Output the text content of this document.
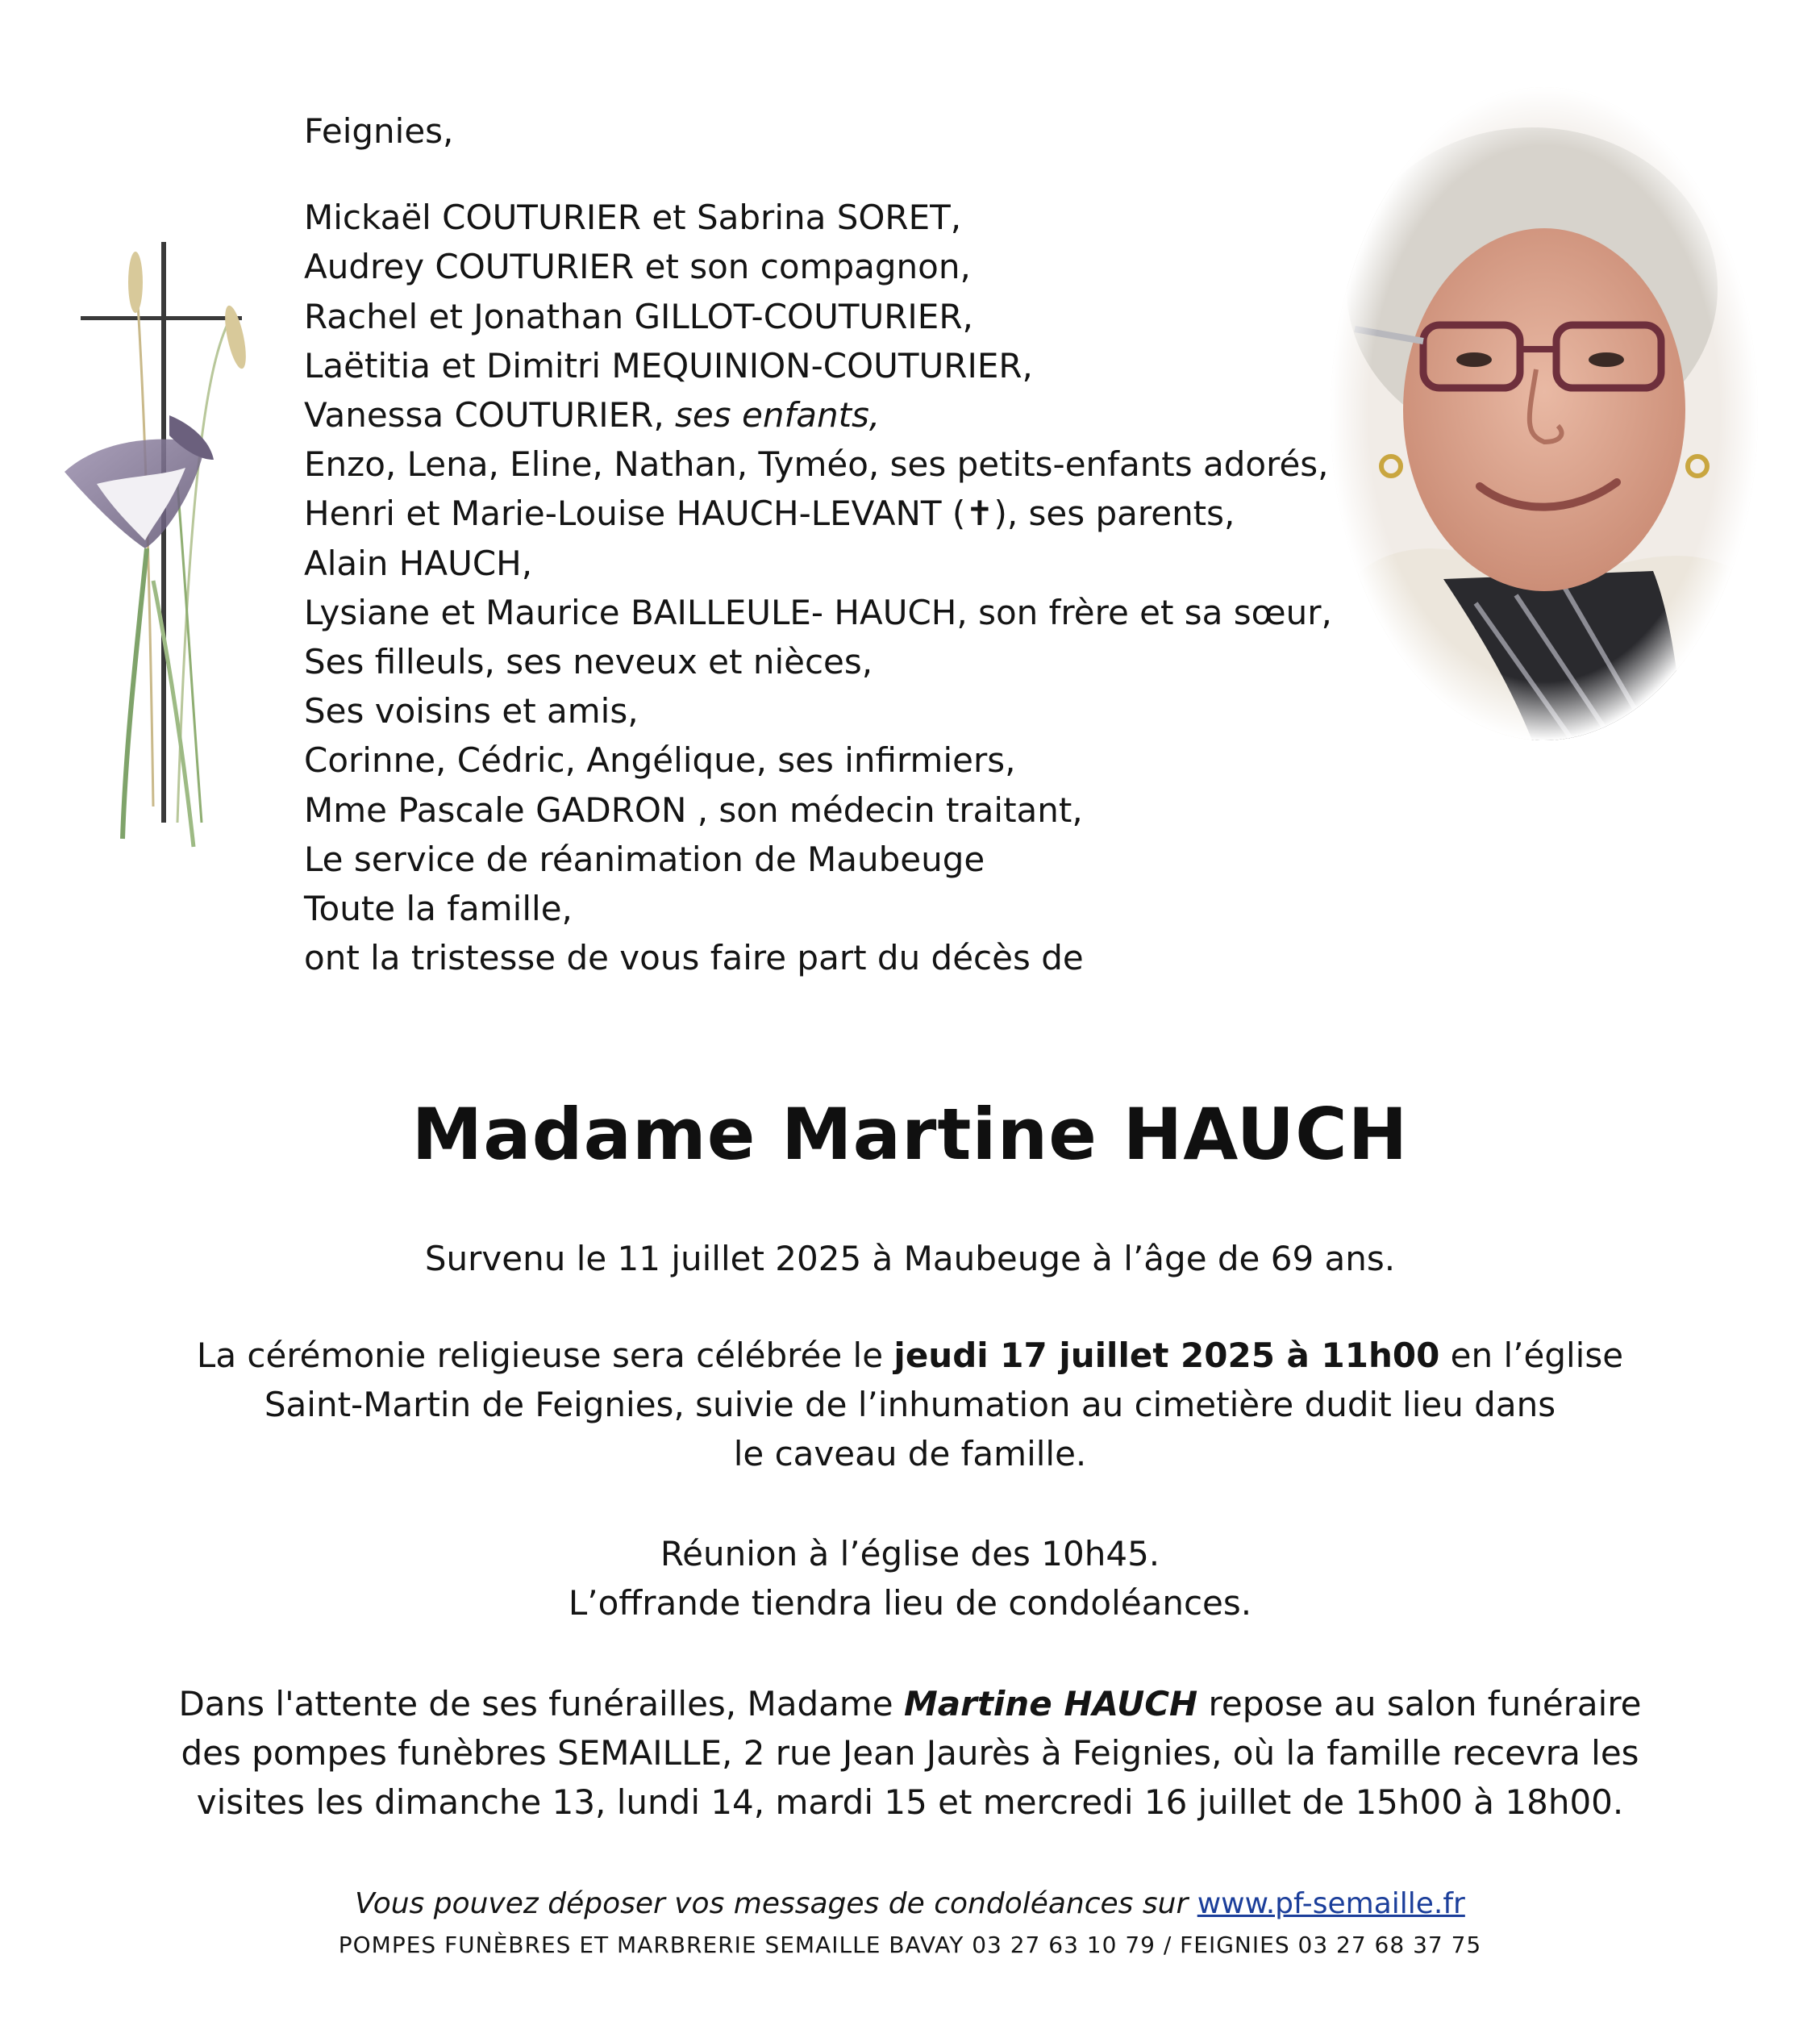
Feignies,
Mickaël COUTURIER et Sabrina SORET,
Audrey COUTURIER et son compagnon,
Rachel et Jonathan GILLOT-COUTURIER,
Laëtitia et Dimitri MEQUINION-COUTURIER,
Vanessa COUTURIER, ses enfants,
Enzo, Lena, Eline, Nathan, Tyméo, ses petits-enfants adorés,
Henri et Marie-Louise HAUCH-LEVANT (✝), ses parents,
Alain HAUCH,
Lysiane et Maurice BAILLEULE- HAUCH, son frère et sa sœur,
Ses filleuls, ses neveux et nièces,
Ses voisins et amis,
Corinne, Cédric, Angélique, ses infirmiers,
Mme Pascale GADRON , son médecin traitant,
Le service de réanimation de Maubeuge
Toute la famille,
ont la tristesse de vous faire part du décès de
Madame Martine HAUCH

Survenu le 11 juillet 2025 à Maubeuge à l’âge de 69 ans.

La cérémonie religieuse sera célébrée le jeudi 17 juillet 2025 à 11h00 en l’église

Saint-Martin de Feignies, suivie de l’inhumation au cimetière dudit lieu dans

le caveau de famille.

Réunion à l’église des 10h45.

L’offrande tiendra lieu de condoléances.

Dans l'attente de ses funérailles, Madame Martine HAUCH repose au salon funéraire

des pompes funèbres SEMAILLE, 2 rue Jean Jaurès à Feignies, où la famille recevra les

visites les dimanche 13, lundi 14, mardi 15 et mercredi 16 juillet de 15h00 à 18h00.

Vous pouvez déposer vos messages de condoléances sur www.pf-semaille.fr
POMPES FUNÈBRES ET MARBRERIE SEMAILLE BAVAY 03 27 63 10 79 / FEIGNIES 03 27 68 37 75
